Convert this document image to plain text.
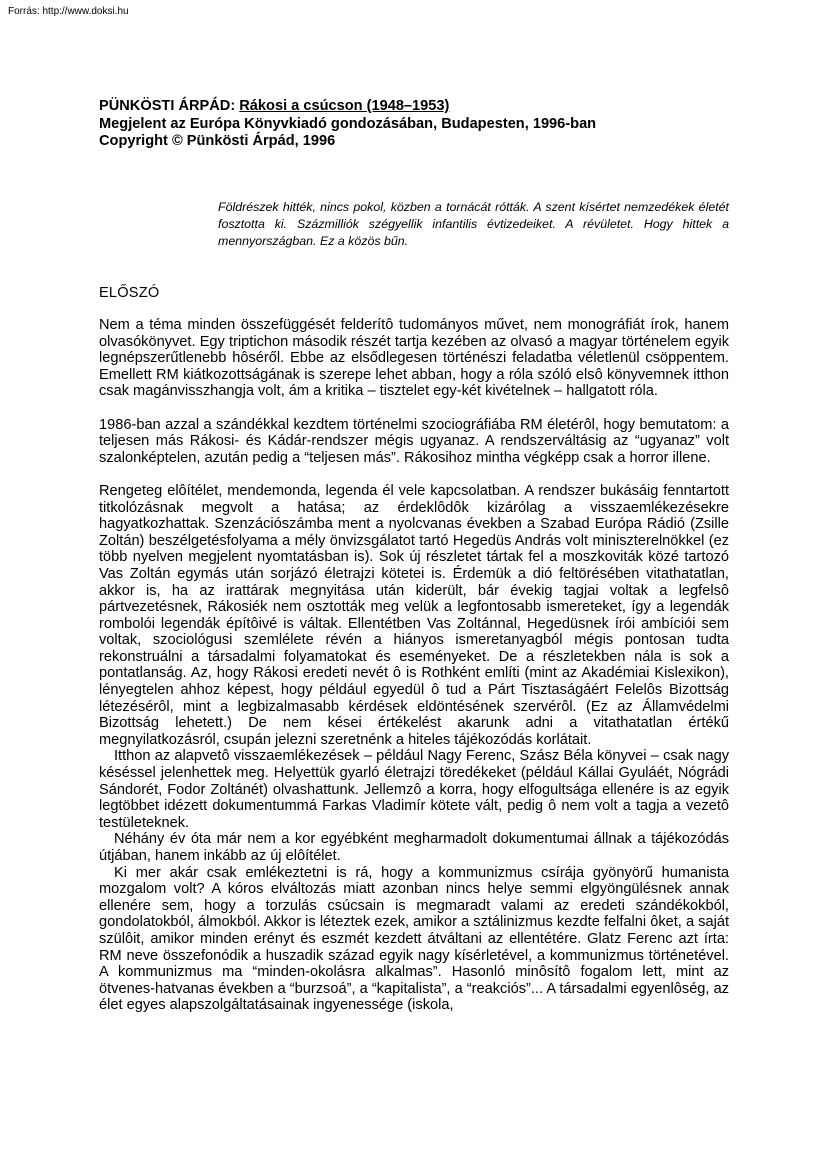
Forrás: http://www.doksi.hu
PÜNKÖSTI ÁRPÁD: Rákosi a csúcson (1948–1953)
Megjelent az Európa Könyvkiadó gondozásában, Budapesten, 1996-ban
Copyright © Pünkösti Árpád, 1996
Földrészek hitték, nincs pokol, közben a tornácát rótták. A szent kísértet nemzedékek életét fosztotta ki. Százmilliók szégyellik infantilis évtizedeiket. A révületet. Hogy hittek a mennyországban. Ez a közös bűn.
ELŐSZÓ

Nem a téma minden összefüggését felderítô tudományos művet, nem monográfiát írok, hanem olvasókönyvet. Egy triptichon második részét tartja kezében az olvasó a magyar történelem egyik legnépszerűtlenebb hôséről. Ebbe az elsődlegesen történészi feladatba véletlenül csöppentem. Emellett RM kiátkozottságának is szerepe lehet abban, hogy a róla szóló elsô könyvemnek itthon csak magánvisszhangja volt, ám a kritika – tisztelet egy-két kivételnek – hallgatott róla.

1986-ban azzal a szándékkal kezdtem történelmi szociográfiába RM életérôl, hogy bemutatom: a teljesen más Rákosi- és Kádár-rendszer mégis ugyanaz. A rendszerváltásig az “ugyanaz” volt szalonképtelen, azután pedig a “teljesen más”. Rákosihoz mintha végképp csak a horror illene.

Rengeteg elôítélet, mendemonda, legenda él vele kapcsolatban. A rendszer bukásáig fenntartott titkolózásnak megvolt a hatása; az érdeklôdôk kizárólag a visszaemlékezésekre hagyatkozhattak. Szenzációszámba ment a nyolcvanas években a Szabad Európa Rádió (Zsille Zoltán) beszélgetésfolyama a mély önvizsgálatot tartó Hegedüs András volt miniszterelnökkel (ez több nyelven megjelent nyomtatásban is). Sok új részletet tártak fel a moszkoviták közé tartozó Vas Zoltán egymás után sorjázó életrajzi kötetei is. Érdemük a dió feltörésében vitathatatlan, akkor is, ha az irattárak megnyitása után kiderült, bár évekig tagjai voltak a legfelsô pártvezetésnek, Rákosiék nem osztották meg velük a legfontosabb ismereteket, így a legendák rombolói legendák építôivé is váltak. Ellentétben Vas Zoltánnal, Hegedüsnek írói ambíciói sem voltak, szociológusi szemlélete révén a hiányos ismeretanyagból mégis pontosan tudta rekonstruálni a társadalmi folyamatokat és eseményeket. De a részletekben nála is sok a pontatlanság. Az, hogy Rákosi eredeti nevét ô is Rothként említi (mint az Akadémiai Kislexikon), lényegtelen ahhoz képest, hogy például egyedül ô tud a Párt Tisztaságáért Felelôs Bizottság létezésérôl, mint a legbizalmasabb kérdések eldöntésének szervérôl. (Ez az Államvédelmi Bizottság lehetett.) De nem kései értékelést akarunk adni a vitathatatlan értékű megnyilatkozásról, csupán jelezni szeretnénk a hiteles tájékozódás korlátait.

Itthon az alapvetô visszaemlékezések – például Nagy Ferenc, Szász Béla könyvei – csak nagy késéssel jelenhettek meg. Helyettük gyarló életrajzi töredékeket (például Kállai Gyuláét, Nógrádi Sándorét, Fodor Zoltánét) olvashattunk. Jellemzô a korra, hogy elfogultsága ellenére is az egyik legtöbbet idézett dokumentummá Farkas Vladimír kötete vált, pedig ô nem volt a tagja a vezetô testületeknek.

Néhány év óta már nem a kor egyébként megharmadolt dokumentumai állnak a tájékozódás útjában, hanem inkább az új elôítélet.

Ki mer akár csak emlékeztetni is rá, hogy a kommunizmus csírája gyönyörű humanista mozgalom volt? A kóros elváltozás miatt azonban nincs helye semmi elgyöngülésnek annak ellenére sem, hogy a torzulás csúcsain is megmaradt valami az eredeti szándékokból, gondolatokból, álmokból. Akkor is léteztek ezek, amikor a sztálinizmus kezdte felfalni ôket, a saját szülôit, amikor minden erényt és eszmét kezdett átváltani az ellentétére. Glatz Ferenc azt írta: RM neve összefonódik a huszadik század egyik nagy kísérletével, a kommunizmus történetével. A kommunizmus ma “minden-okolásra alkalmas”. Hasonló minôsítô fogalom lett, mint az ötvenes-hatvanas években a “burzsoá”, a “kapitalista”, a “reakciós”... A társadalmi egyenlôség, az élet egyes alapszolgáltatásainak ingyenessége (iskola,
